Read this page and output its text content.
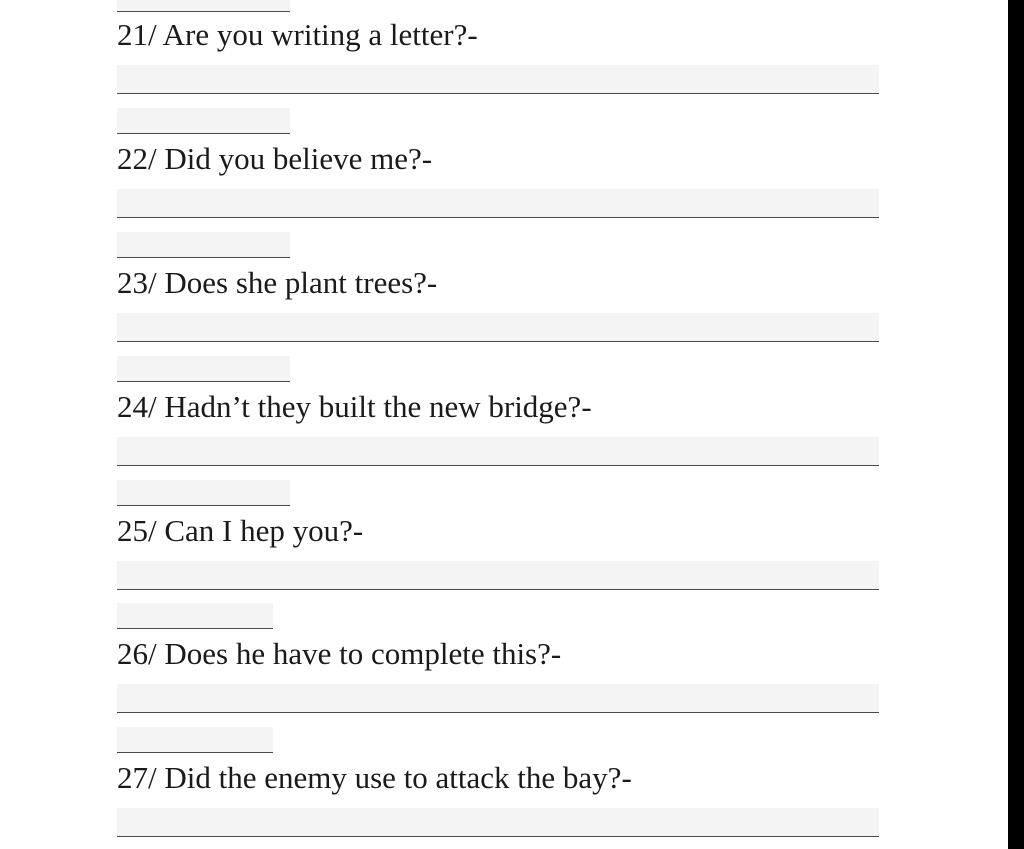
21/ Are you writing a letter?-
22/ Did you believe me?-
23/ Does she plant trees?-
24/ Hadn’t they built the new bridge?-
25/ Can I hep you?-
26/ Does he have to complete this?-
27/ Did the enemy use to attack the bay?-
